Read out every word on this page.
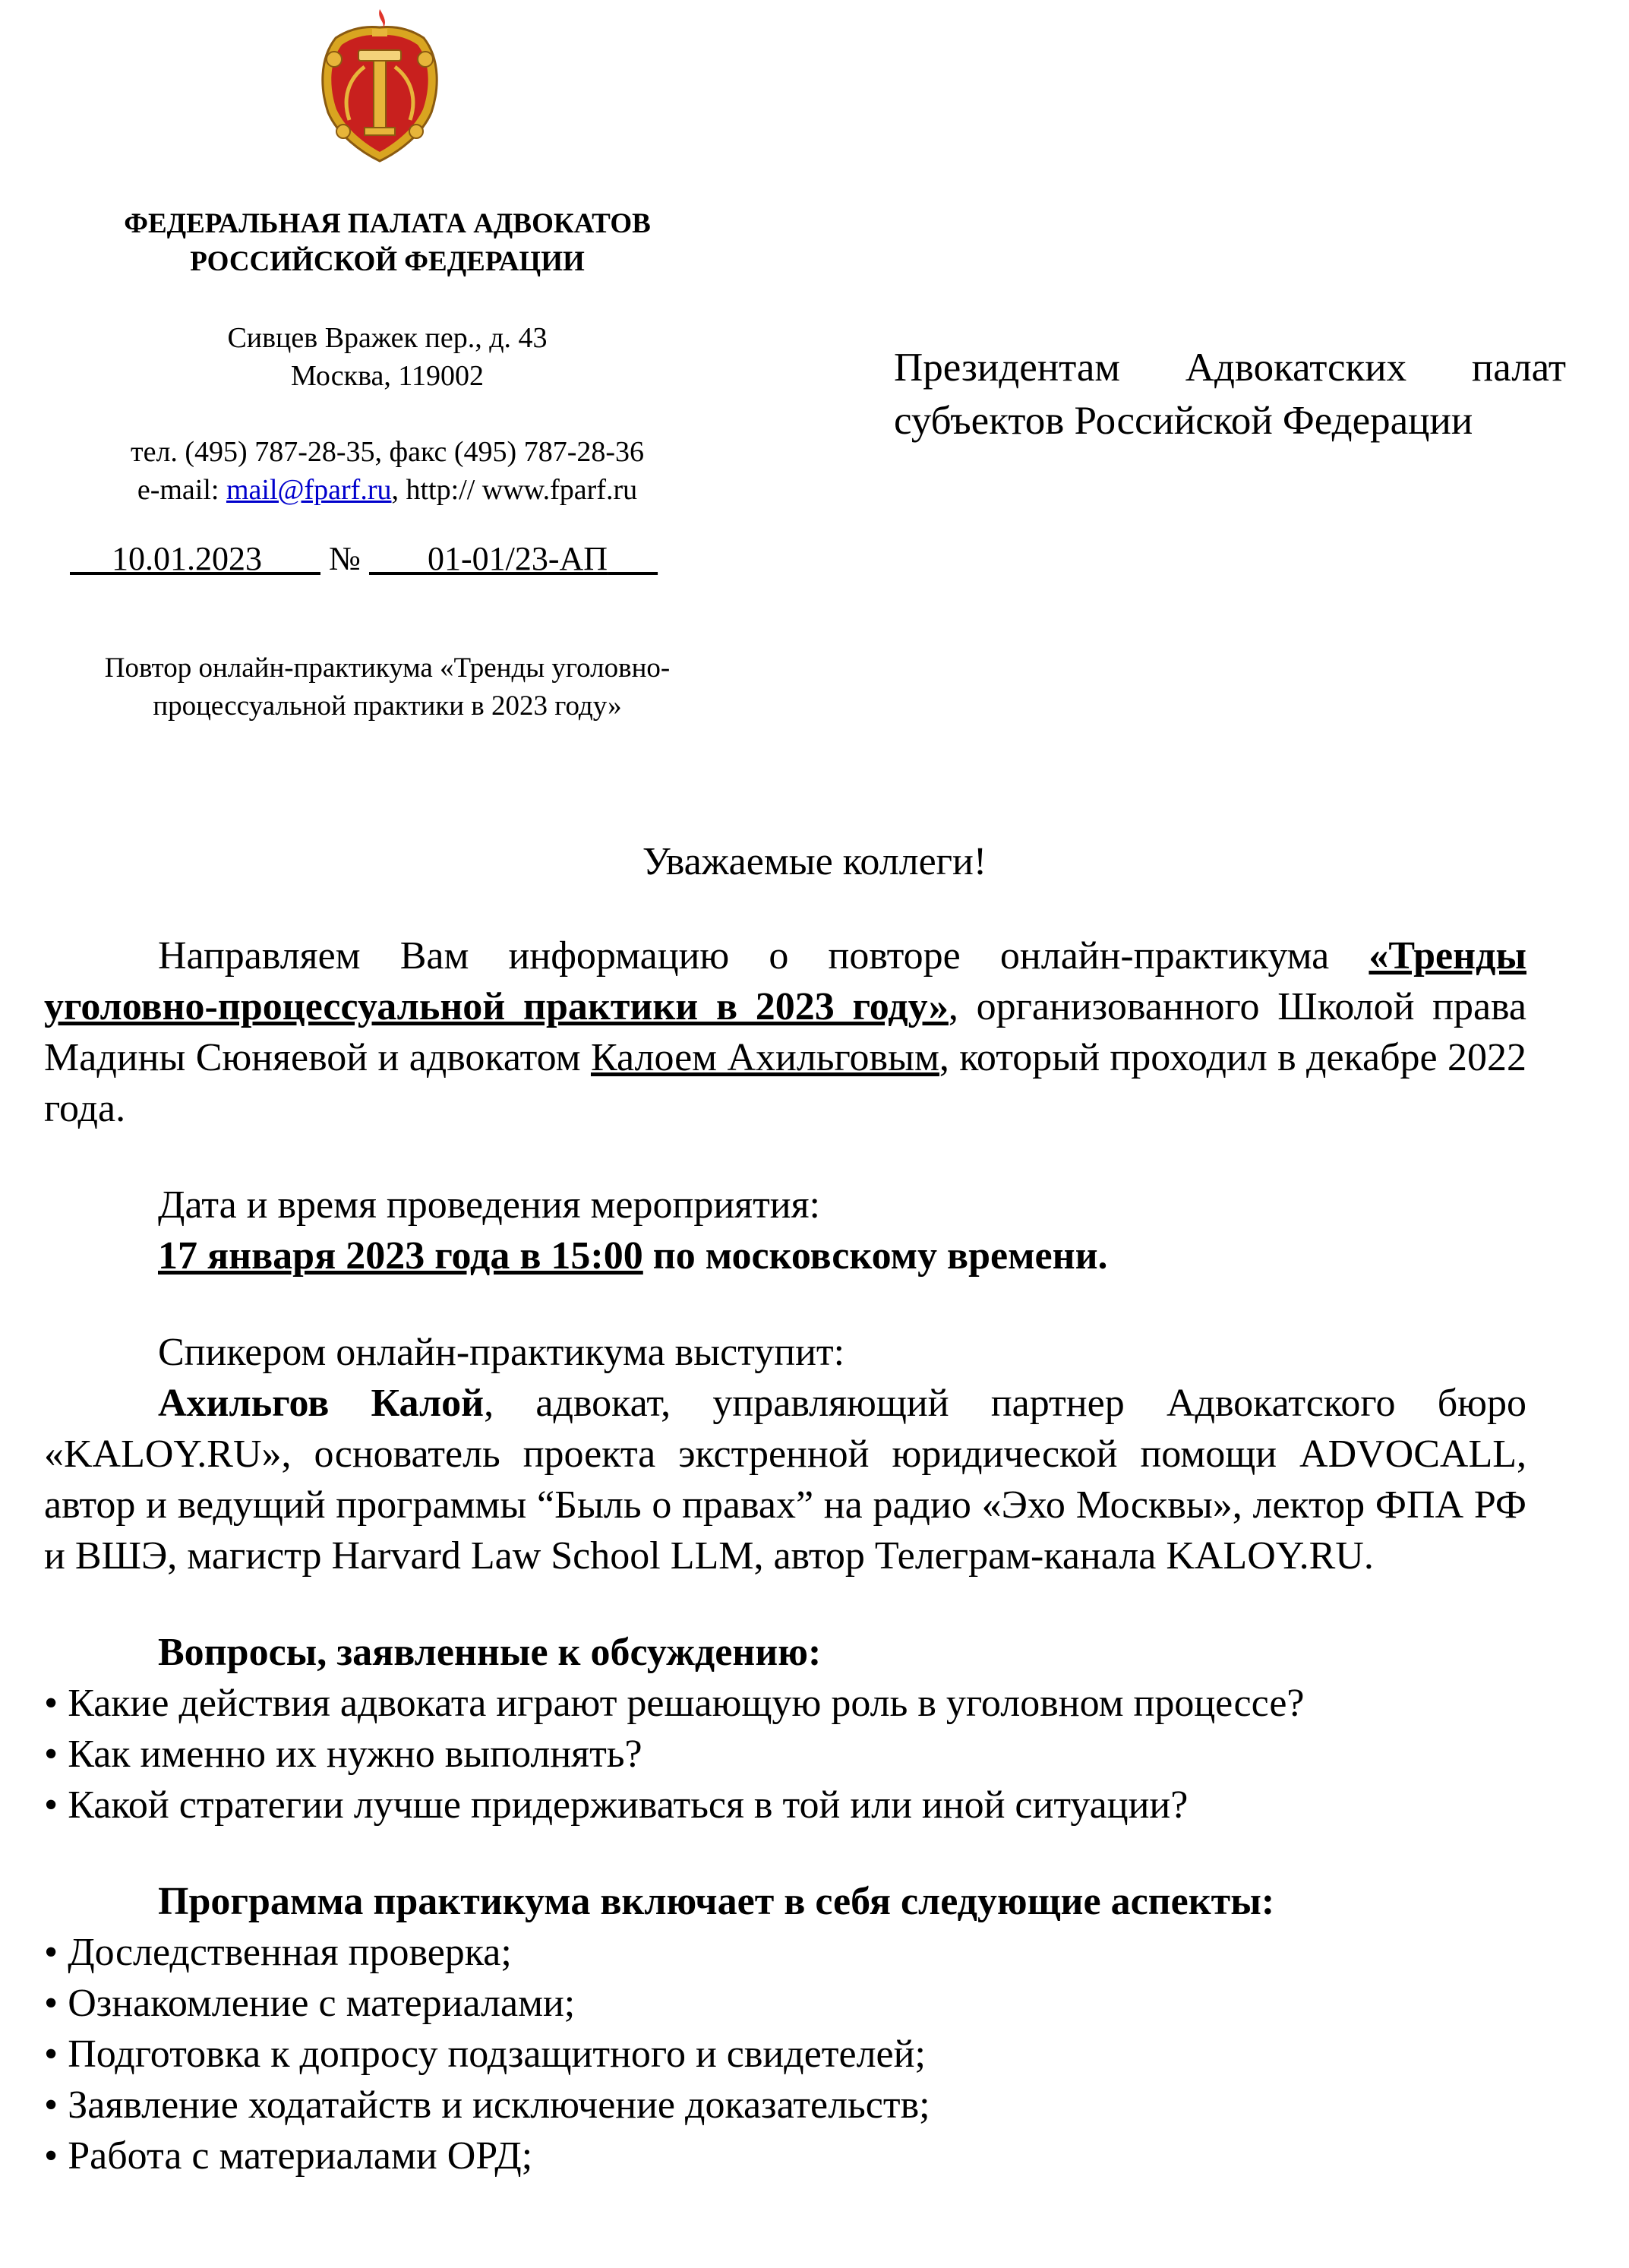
ФЕДЕРАЛЬНАЯ ПАЛАТА АДВОКАТОВ
РОССИЙСКОЙ ФЕДЕРАЦИИ
Сивцев Вражек пер., д. 43
Москва, 119002
тел. (495) 787-28-35, факс (495) 787-28-36
e-mail: mail@fparf.ru, http:// www.fparf.ru
10.01.2023 № 01-01/23-АП
Повтор онлайн-практикума «Тренды уголовно-процессуальной практики в 2023 году»
Президентам Адвокатских палат
субъектов Российской Федерации
Уважаемые коллеги!

Направляем Вам информацию о повторе онлайн-практикума «Тренды уголовно-процессуальной практики в 2023 году», организованного Школой права Мадины Сюняевой и адвокатом Калоем Ахильговым, который проходил в декабре 2022 года.

Дата и время проведения мероприятия:

17 января 2023 года в 15:00 по московскому времени.

Спикером онлайн-практикума выступит:

Ахильгов Калой, адвокат, управляющий партнер Адвокатского бюро «KALOY.RU», основатель проекта экстренной юридической помощи ADVOCALL, автор и ведущий программы “Быль о правах” на радио «Эхо Москвы», лектор ФПА РФ и ВШЭ, магистр Harvard Law School LLM, автор Телеграм-канала KALOY.RU.

Вопросы, заявленные к обсуждению:

• Какие действия адвоката играют решающую роль в уголовном процессе?
• Как именно их нужно выполнять?
• Какой стратегии лучше придерживаться в той или иной ситуации?

Программа практикума включает в себя следующие аспекты:

• Доследственная проверка;
• Ознакомление с материалами;
• Подготовка к допросу подзащитного и свидетелей;
• Заявление ходатайств и исключение доказательств;
• Работа с материалами ОРД;
